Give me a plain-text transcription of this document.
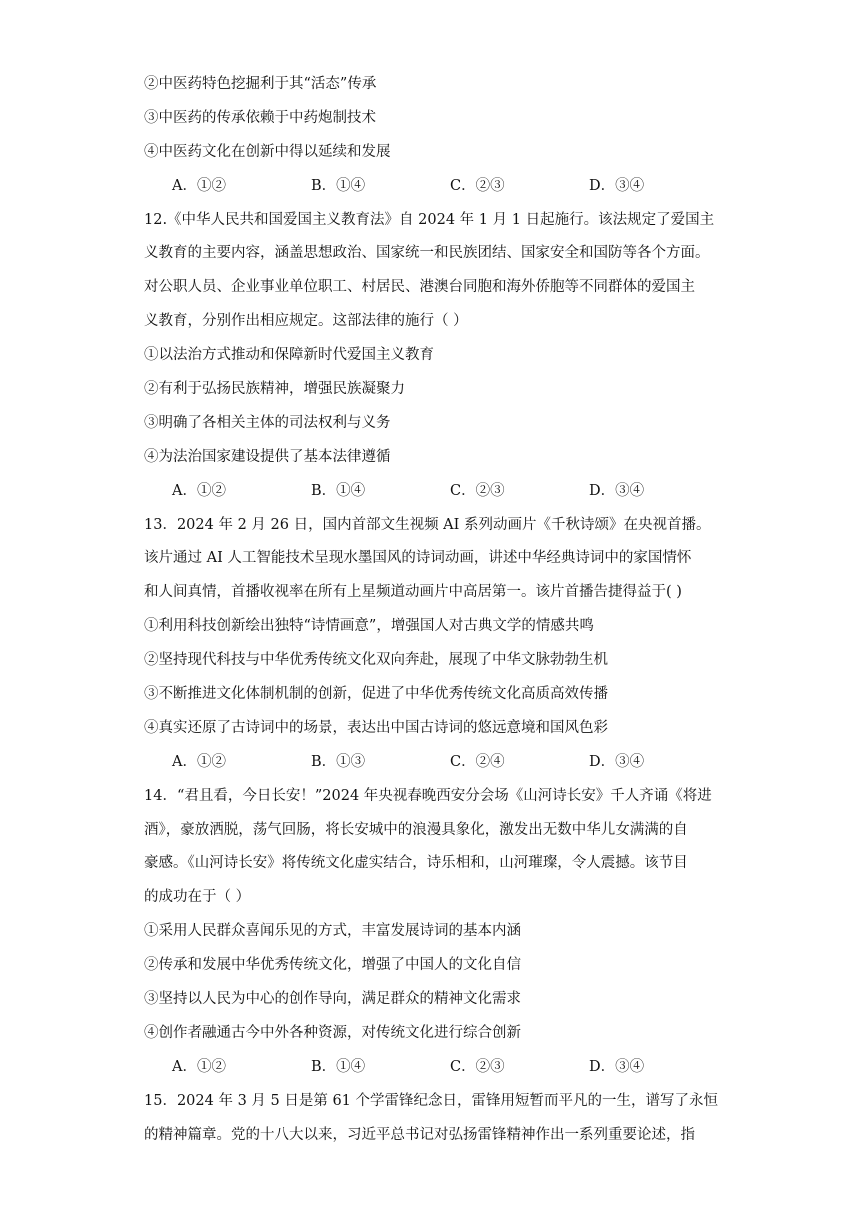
②中医药特色挖掘利于其“活态”传承
③中医药的传承依赖于中药炮制技术
④中医药文化在创新中得以延续和发展
A．①②	B．①④	C．②③	D．③④
12.《中华人民共和国爱国主义教育法》自 2024 年 1 月 1 日起施行。该法规定了爱国主
义教育的主要内容，涵盖思想政治、国家统一和民族团结、国家安全和国防等各个方面。
对公职人员、企业事业单位职工、村居民、港澳台同胞和海外侨胞等不同群体的爱国主
义教育，分别作出相应规定。这部法律的施行（ ）
①以法治方式推动和保障新时代爱国主义教育
②有利于弘扬民族精神，增强民族凝聚力
③明确了各相关主体的司法权利与义务
④为法治国家建设提供了基本法律遵循
A．①②	B．①④	C．②③	D．③④
13．2024 年 2 月 26 日，国内首部文生视频 AI 系列动画片《千秋诗颂》在央视首播。
该片通过 AI 人工智能技术呈现水墨国风的诗词动画，讲述中华经典诗词中的家国情怀
和人间真情，首播收视率在所有上星频道动画片中高居第一。该片首播告捷得益于( )
①利用科技创新绘出独特“诗情画意”，增强国人对古典文学的情感共鸣
②坚持现代科技与中华优秀传统文化双向奔赴，展现了中华文脉勃勃生机
③不断推进文化体制机制的创新，促进了中华优秀传统文化高质高效传播
④真实还原了古诗词中的场景，表达出中国古诗词的悠远意境和国风色彩
A．①②	B．①③	C．②④	D．③④
14．“君且看，今日长安！”2024 年央视春晚西安分会场《山河诗长安》千人齐诵《将进
酒》，豪放洒脱，荡气回肠，将长安城中的浪漫具象化，激发出无数中华儿女满满的自
豪感。《山河诗长安》将传统文化虚实结合，诗乐相和，山河璀璨，令人震撼。该节目
的成功在于（ ）
①采用人民群众喜闻乐见的方式，丰富发展诗词的基本内涵
②传承和发展中华优秀传统文化，增强了中国人的文化自信
③坚持以人民为中心的创作导向，满足群众的精神文化需求
④创作者融通古今中外各种资源，对传统文化进行综合创新
A．①②	B．①④	C．②③	D．③④
15．2024 年 3 月 5 日是第 61 个学雷锋纪念日，雷锋用短暂而平凡的一生，谱写了永恒
的精神篇章。党的十八大以来，习近平总书记对弘扬雷锋精神作出一系列重要论述，指
